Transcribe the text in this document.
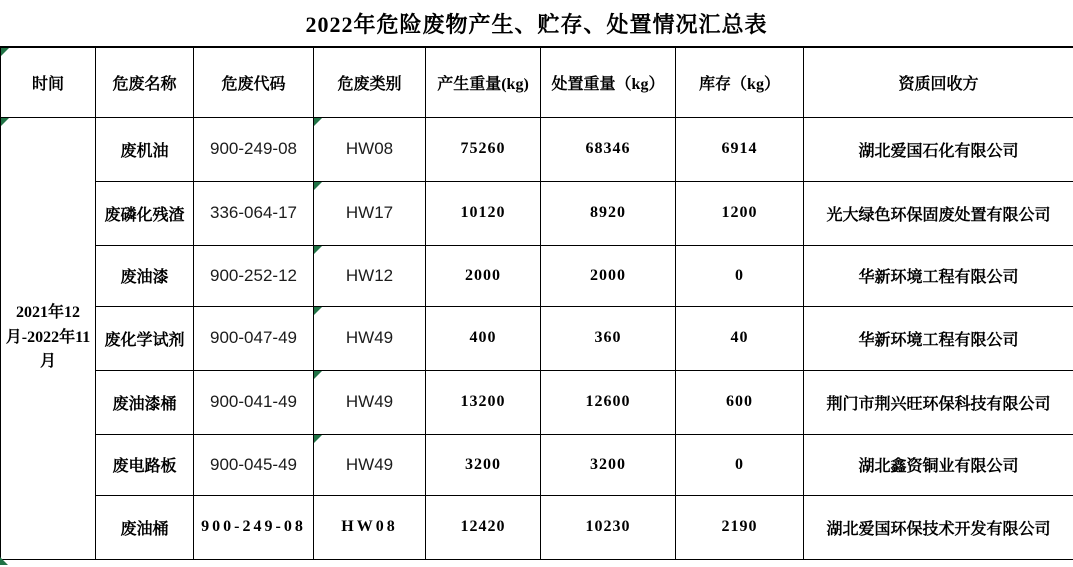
2022年危险废物产生、贮存、处置情况汇总表
时间	危废名称	危废代码	危废类别	产生重量(kg)	处置重量（kg）	库存（kg）	资质回收方

2021年12月-2022年11月	废机油	900-249-08	HW08	75260	68346	6914	湖北爱国石化有限公司
	废磷化残渣	336-064-17	HW17	10120	8920	1200	光大绿色环保固废处置有限公司
	废油漆	900-252-12	HW12	2000	2000	0	华新环境工程有限公司
	废化学试剂	900-047-49	HW49	400	360	40	华新环境工程有限公司
	废油漆桶	900-041-49	HW49	13200	12600	600	荆门市荆兴旺环保科技有限公司
	废电路板	900-045-49	HW49	3200	3200	0	湖北鑫资铜业有限公司
	废油桶	900-249-08	HW08	12420	10230	2190	湖北爱国环保技术开发有限公司
